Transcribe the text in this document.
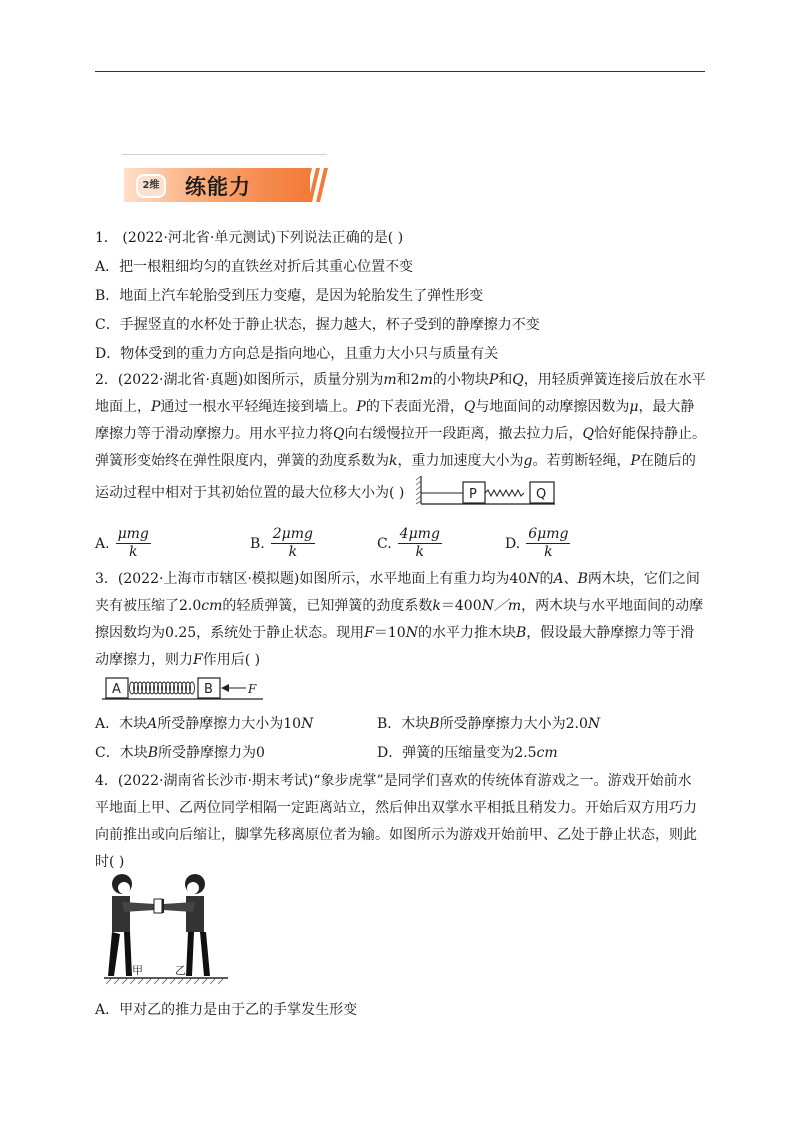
2维	练能力
1． (2022·河北省·单元测试)下列说法正确的是( )
A．把一根粗细均匀的直铁丝对折后其重心位置不变
B．地面上汽车轮胎受到压力变瘪，是因为轮胎发生了弹性形变
C．手握竖直的水杯处于静止状态，握力越大，杯子受到的静摩擦力不变
D．物体受到的重力方向总是指向地心，且重力大小只与质量有关
2．(2022·湖北省·真题)如图所示，质量分别为m和2m的小物块P和Q，用轻质弹簧连接后放在水平
地面上，P通过一根水平轻绳连接到墙上。P的下表面光滑，Q与地面间的动摩擦因数为μ，最大静
摩擦力等于滑动摩擦力。用水平拉力将Q向右缓慢拉开一段距离，撤去拉力后，Q恰好能保持静止。
弹簧形变始终在弹性限度内，弹簧的劲度系数为k，重力加速度大小为g。若剪断轻绳，P在随后的
运动过程中相对于其初始位置的最大位移大小为( )	P	Q
A. $\frac{\text{μmg}}{k}$	B. $\frac{\text{2μmg}}{k}$	C. $\frac{\text{4μmg}}{k}$	D. $\frac{\text{6μmg}}{k}$
3．(2022·上海市市辖区·模拟题)如图所示，水平地面上有重力均为40N的A、B两木块，它们之间
夹有被压缩了2.0cm的轻质弹簧，已知弹簧的劲度系数k＝400N／m，两木块与水平地面间的动摩
擦因数均为0.25，系统处于静止状态。现用F＝10N的水平力推木块B，假设最大静摩擦力等于滑
动摩擦力，则力F作用后( )
A	B	F
A．木块A所受静摩擦力大小为10N	B．木块B所受静摩擦力大小为2.0N
C．木块B所受静摩擦力为0	D．弹簧的压缩量变为2.5cm
4．(2022·湖南省长沙市·期末考试)“象步虎掌”是同学们喜欢的传统体育游戏之一。游戏开始前水
平地面上甲、乙两位同学相隔一定距离站立，然后伸出双掌水平相抵且稍发力。开始后双方用巧力
向前推出或向后缩让，脚掌先移离原位者为输。如图所示为游戏开始前甲、乙处于静止状态，则此
时( )
甲	乙
A．甲对乙的推力是由于乙的手掌发生形变
